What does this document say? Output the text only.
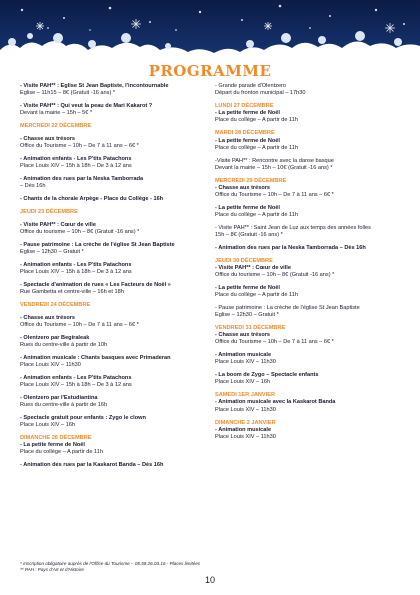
PROGRAMME
- Visite PAH** : Eglise St Jean Baptiste, l'incontournable
Eglise – 11h15 – 8€ (Gratuit -16 ans) *
- Visite PAH** : Qui veut la peau de Mari Kakarot ?
Devant la mairie – 15h – 5€ *
MERCREDI 22 DÉCEMBRE
- Chasse aux trésors
Office du Tourisme – 10h – De 7 à 11 ans – 6€ *
- Animation enfants - Les P'tits Patachons
Place Louis XIV – 15h à 18h – De 3 à 12 ans
- Animation des rues par la Neska Tamborrada
– Dès 16h
- Chants de la chorale Arpège - Place du Collège - 16h
JEUDI 23 DÉCEMBRE
- Visite PAH** : Cœur de ville
Office du tourisme – 10h – 8€ (Gratuit -16 ans) *
- Pause patrimoine : La crèche de l'église St Jean Baptiste
Eglise – 12h30 – Gratuit *
- Animation enfants - Les P'tits Patachons
Place Louis XIV – 15h à 18h – De 3 à 12 ans
- Spectacle d'animation de rues « Les Facteurs de Noël »
Rue Gambetta et centre-ville – 16h et 18h
VENDREDI 24 DÉCEMBRE
- Chasse aux trésors
Office du Tourisme – 10h – De 7 à 11 ans – 6€ *
- Olentzero par Begiraleak
Rues du centre-ville à partir de 10h
- Animation musicale : Chants basques avec Primaderan
Place Louis XIV – 11h30
- Animation enfants - Les P'tits Patachons
Place Louis XIV – 15h à 18h – De 3 à 12 ans
- Olentzero par l'Estudiantina
Rues du centre-ville à partir de 16h
- Spectacle gratuit pour enfants : Zygo le clown
Place Louis XIV – 16h
DIMANCHE 26 DÉCEMBRE
- La petite ferme de Noël
Place du collège – A partir de 11h
- Animation des rues par la Kaskarot Banda – Dès 16h
- Grande parade d'Olentzero
Départ du fronton municipal – 17h30
LUNDI 27 DÉCEMBRE
- La petite ferme de Noël
Place du collège – A partir de 11h
MARDI 28 DÉCEMBRE
- La petite ferme de Noël
Place du collège – A partir de 11h
-Visite PAH** : Rencontre avec la danse basque
Devant la mairie – 15h – 10€ (Gratuit -16 ans) *
MERCREDI 29 DÉCEMBRE
- Chasse aux trésors
Office du Tourisme – 10h – De 7 à 11 ans – 6€ *
- La petite ferme de Noël
Place du collège – A partir de 11h
- Visite PAH** : Saint Jean de Luz aux temps des années folles
15h – 8€ (Gratuit -16 ans) *
- Animation des rues par la Neska Tamborrada – Dès 16h
JEUDI 30 DÉCEMBRE
- Visite PAH** : Cœur de ville
Office du tourisme – 10h – 8€ (Gratuit -16 ans) *
- La petite ferme de Noël
Place du collège – A partir de 11h
- Pause patrimoine : La crèche de l'église St Jean Baptiste
Eglise – 12h30 – Gratuit *
VENDREDI 31 DÉCEMBRE
- Chasse aux trésors
Office du Tourisme – 10h – De 7 à 11 ans – 6€ *
- Animation musicale
Place Louis XIV – 11h30
- La boom de Zygo – Spectacle enfants
Place Louis XIV – 16h
SAMEDI 1ER JANVIER
- Animation musicale avec la Kaskarot Banda
Place Louis XIV – 11h30
DIMANCHE 2 JANVIER
- Animation musicale
Place Louis XIV – 11h30
* Inscription obligatoire auprès de l'Office du Tourisme – 05.59.26.03.16 - Places limitées
** PAH : Pays d'Art et d'Histoire
10
